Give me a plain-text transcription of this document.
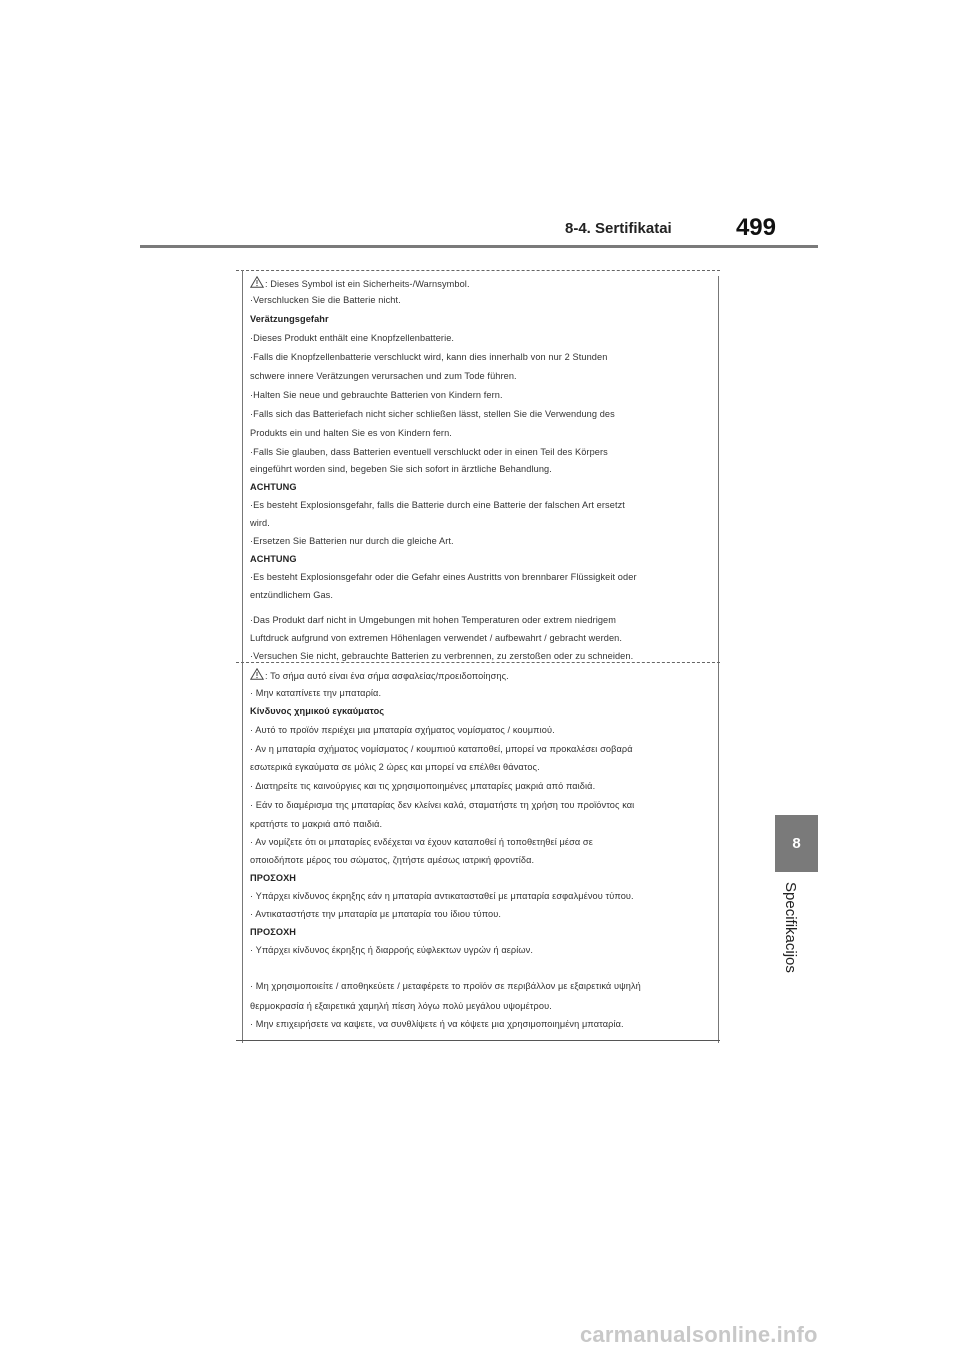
8-4. Sertifikatai	499
8
Specifikacijos
: Dieses Symbol ist ein Sicherheits-/Warnsymbol.
·Verschlucken Sie die Batterie nicht.
Verätzungsgefahr
·Dieses Produkt enthält eine Knopfzellenbatterie.
·Falls die Knopfzellenbatterie verschluckt wird, kann dies innerhalb von nur 2 Stunden
schwere innere Verätzungen verursachen und zum Tode führen.
·Halten Sie neue und gebrauchte Batterien von Kindern fern.
·Falls sich das Batteriefach nicht sicher schließen lässt, stellen Sie die Verwendung des
Produkts ein und halten Sie es von Kindern fern.
·Falls Sie glauben, dass Batterien eventuell verschluckt oder in einen Teil des Körpers
eingeführt worden sind, begeben Sie sich sofort in ärztliche Behandlung.
ACHTUNG
·Es besteht Explosionsgefahr, falls die Batterie durch eine Batterie der falschen Art ersetzt
wird.
·Ersetzen Sie Batterien nur durch die gleiche Art.
ACHTUNG
·Es besteht Explosionsgefahr oder die Gefahr eines Austritts von brennbarer Flüssigkeit oder
entzündlichem Gas.
·Das Produkt darf nicht in Umgebungen mit hohen Temperaturen oder extrem niedrigem
Luftdruck aufgrund von extremen Höhenlagen verwendet / aufbewahrt / gebracht werden.
·Versuchen Sie nicht, gebrauchte Batterien zu verbrennen, zu zerstoßen oder zu schneiden.
: Το σήμα αυτό είναι ένα σήμα ασφαλείας/προειδοποίησης.
· Μην καταπίνετε την μπαταρία.
Κίνδυνος χημικού εγκαύματος
· Αυτό το προϊόν περιέχει μια μπαταρία σχήματος νομίσματος / κουμπιού.
· Αν η μπαταρία σχήματος νομίσματος / κουμπιού καταποθεί, μπορεί να προκαλέσει σοβαρά
εσωτερικά εγκαύματα σε μόλις 2 ώρες και μπορεί να επέλθει θάνατος.
· Διατηρείτε τις καινούργιες και τις χρησιμοποιημένες μπαταρίες μακριά από παιδιά.
· Εάν το διαμέρισμα της μπαταρίας δεν κλείνει καλά, σταματήστε τη χρήση του προϊόντος και
κρατήστε το μακριά από παιδιά.
· Αν νομίζετε ότι οι μπαταρίες ενδέχεται να έχουν καταποθεί ή τοποθετηθεί μέσα σε
οποιοδήποτε μέρος του σώματος, ζητήστε αμέσως ιατρική φροντίδα.
ΠΡΟΣΟΧΗ
· Υπάρχει κίνδυνος έκρηξης εάν η μπαταρία αντικατασταθεί με μπαταρία εσφαλμένου τύπου.
· Αντικαταστήστε την μπαταρία με μπαταρία του ίδιου τύπου.
ΠΡΟΣΟΧΗ
· Υπάρχει κίνδυνος έκρηξης ή διαρροής εύφλεκτων υγρών ή αερίων.
· Μη χρησιμοποιείτε / αποθηκεύετε / μεταφέρετε το προϊόν σε περιβάλλον με εξαιρετικά υψηλή
θερμοκρασία ή εξαιρετικά χαμηλή πίεση λόγω πολύ μεγάλου υψομέτρου.
· Μην επιχειρήσετε να καψετε, να συνθλίψετε ή να κόψετε μια χρησιμοποιημένη μπαταρία.
carmanualsonline.info
